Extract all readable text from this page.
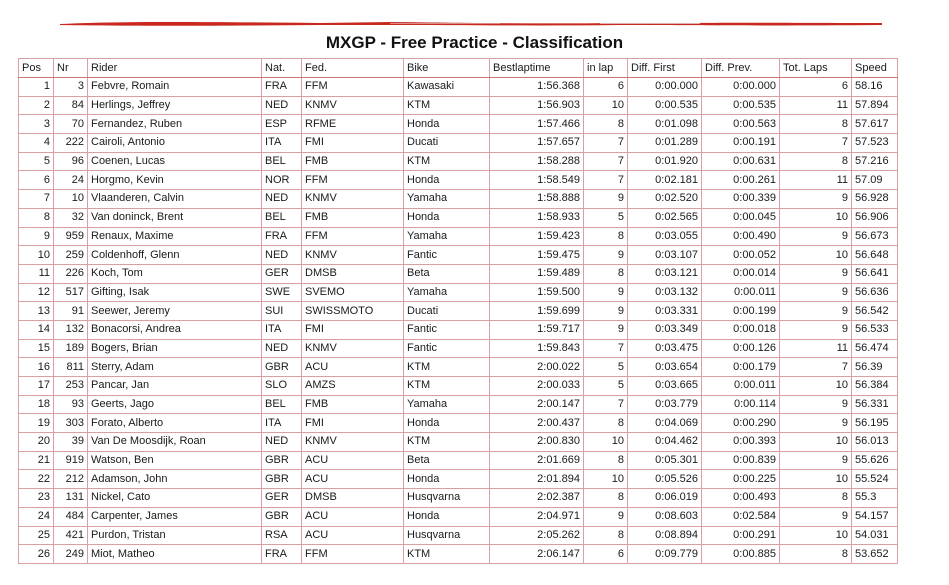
MXGP - Free Practice - Classification
Pos	Nr	Rider	Nat.	Fed.	Bike	Bestlaptime	in lap	Diff. First	Diff. Prev.	Tot. Laps	Speed
1	3	Febvre, Romain	FRA	FFM	Kawasaki	1:56.368	6	0:00.000	0:00.000	6	58.16
2	84	Herlings, Jeffrey	NED	KNMV	KTM	1:56.903	10	0:00.535	0:00.535	11	57.894
3	70	Fernandez, Ruben	ESP	RFME	Honda	1:57.466	8	0:01.098	0:00.563	8	57.617
4	222	Cairoli, Antonio	ITA	FMI	Ducati	1:57.657	7	0:01.289	0:00.191	7	57.523
5	96	Coenen, Lucas	BEL	FMB	KTM	1:58.288	7	0:01.920	0:00.631	8	57.216
6	24	Horgmo, Kevin	NOR	FFM	Honda	1:58.549	7	0:02.181	0:00.261	11	57.09
7	10	Vlaanderen, Calvin	NED	KNMV	Yamaha	1:58.888	9	0:02.520	0:00.339	9	56.928
8	32	Van doninck, Brent	BEL	FMB	Honda	1:58.933	5	0:02.565	0:00.045	10	56.906
9	959	Renaux, Maxime	FRA	FFM	Yamaha	1:59.423	8	0:03.055	0:00.490	9	56.673
10	259	Coldenhoff, Glenn	NED	KNMV	Fantic	1:59.475	9	0:03.107	0:00.052	10	56.648
11	226	Koch, Tom	GER	DMSB	Beta	1:59.489	8	0:03.121	0:00.014	9	56.641
12	517	Gifting, Isak	SWE	SVEMO	Yamaha	1:59.500	9	0:03.132	0:00.011	9	56.636
13	91	Seewer, Jeremy	SUI	SWISSMOTO	Ducati	1:59.699	9	0:03.331	0:00.199	9	56.542
14	132	Bonacorsi, Andrea	ITA	FMI	Fantic	1:59.717	9	0:03.349	0:00.018	9	56.533
15	189	Bogers, Brian	NED	KNMV	Fantic	1:59.843	7	0:03.475	0:00.126	11	56.474
16	811	Sterry, Adam	GBR	ACU	KTM	2:00.022	5	0:03.654	0:00.179	7	56.39
17	253	Pancar, Jan	SLO	AMZS	KTM	2:00.033	5	0:03.665	0:00.011	10	56.384
18	93	Geerts, Jago	BEL	FMB	Yamaha	2:00.147	7	0:03.779	0:00.114	9	56.331
19	303	Forato, Alberto	ITA	FMI	Honda	2:00.437	8	0:04.069	0:00.290	9	56.195
20	39	Van De Moosdijk, Roan	NED	KNMV	KTM	2:00.830	10	0:04.462	0:00.393	10	56.013
21	919	Watson, Ben	GBR	ACU	Beta	2:01.669	8	0:05.301	0:00.839	9	55.626
22	212	Adamson, John	GBR	ACU	Honda	2:01.894	10	0:05.526	0:00.225	10	55.524
23	131	Nickel, Cato	GER	DMSB	Husqvarna	2:02.387	8	0:06.019	0:00.493	8	55.3
24	484	Carpenter, James	GBR	ACU	Honda	2:04.971	9	0:08.603	0:02.584	9	54.157
25	421	Purdon, Tristan	RSA	ACU	Husqvarna	2:05.262	8	0:08.894	0:00.291	10	54.031
26	249	Miot, Matheo	FRA	FFM	KTM	2:06.147	6	0:09.779	0:00.885	8	53.652
